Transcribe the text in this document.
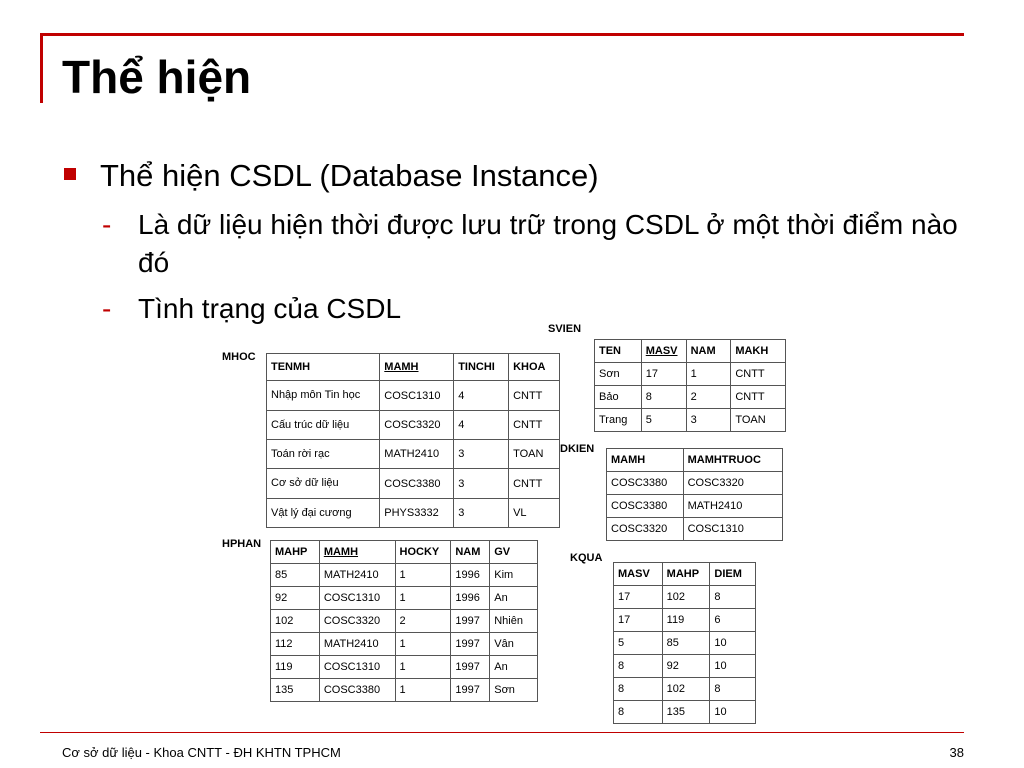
Thể hiện
Thể hiện CSDL (Database Instance)
- Là dữ liệu hiện thời được lưu trữ trong CSDL ở một thời điểm nào đó
- Tình trạng của CSDL
MHOC
TENMH	MAMH	TINCHI	KHOA
Nhập môn Tin học	COSC1310	4	CNTT
Cấu trúc dữ liệu	COSC3320	4	CNTT
Toán rời rạc	MATH2410	3	TOAN
Cơ sở dữ liệu	COSC3380	3	CNTT
Vật lý đại cương	PHYS3332	3	VL
SVIEN
TEN	MASV	NAM	MAKH
Sơn	17	1	CNTT
Bảo	8	2	CNTT
Trang	5	3	TOAN
DKIEN
MAMH	MAMHTRUOC
COSC3380	COSC3320
COSC3380	MATH2410
COSC3320	COSC1310
HPHAN
MAHP	MAMH	HOCKY	NAM	GV
85	MATH2410	1	1996	Kim
92	COSC1310	1	1996	An
102	COSC3320	2	1997	Nhiên
112	MATH2410	1	1997	Vân
119	COSC1310	1	1997	An
135	COSC3380	1	1997	Sơn
KQUA
MASV	MAHP	DIEM
17	102	8
17	119	6
5	85	10
8	92	10
8	102	8
8	135	10
Cơ sở dữ liệu - Khoa CNTT - ĐH KHTN TPHCM	38
